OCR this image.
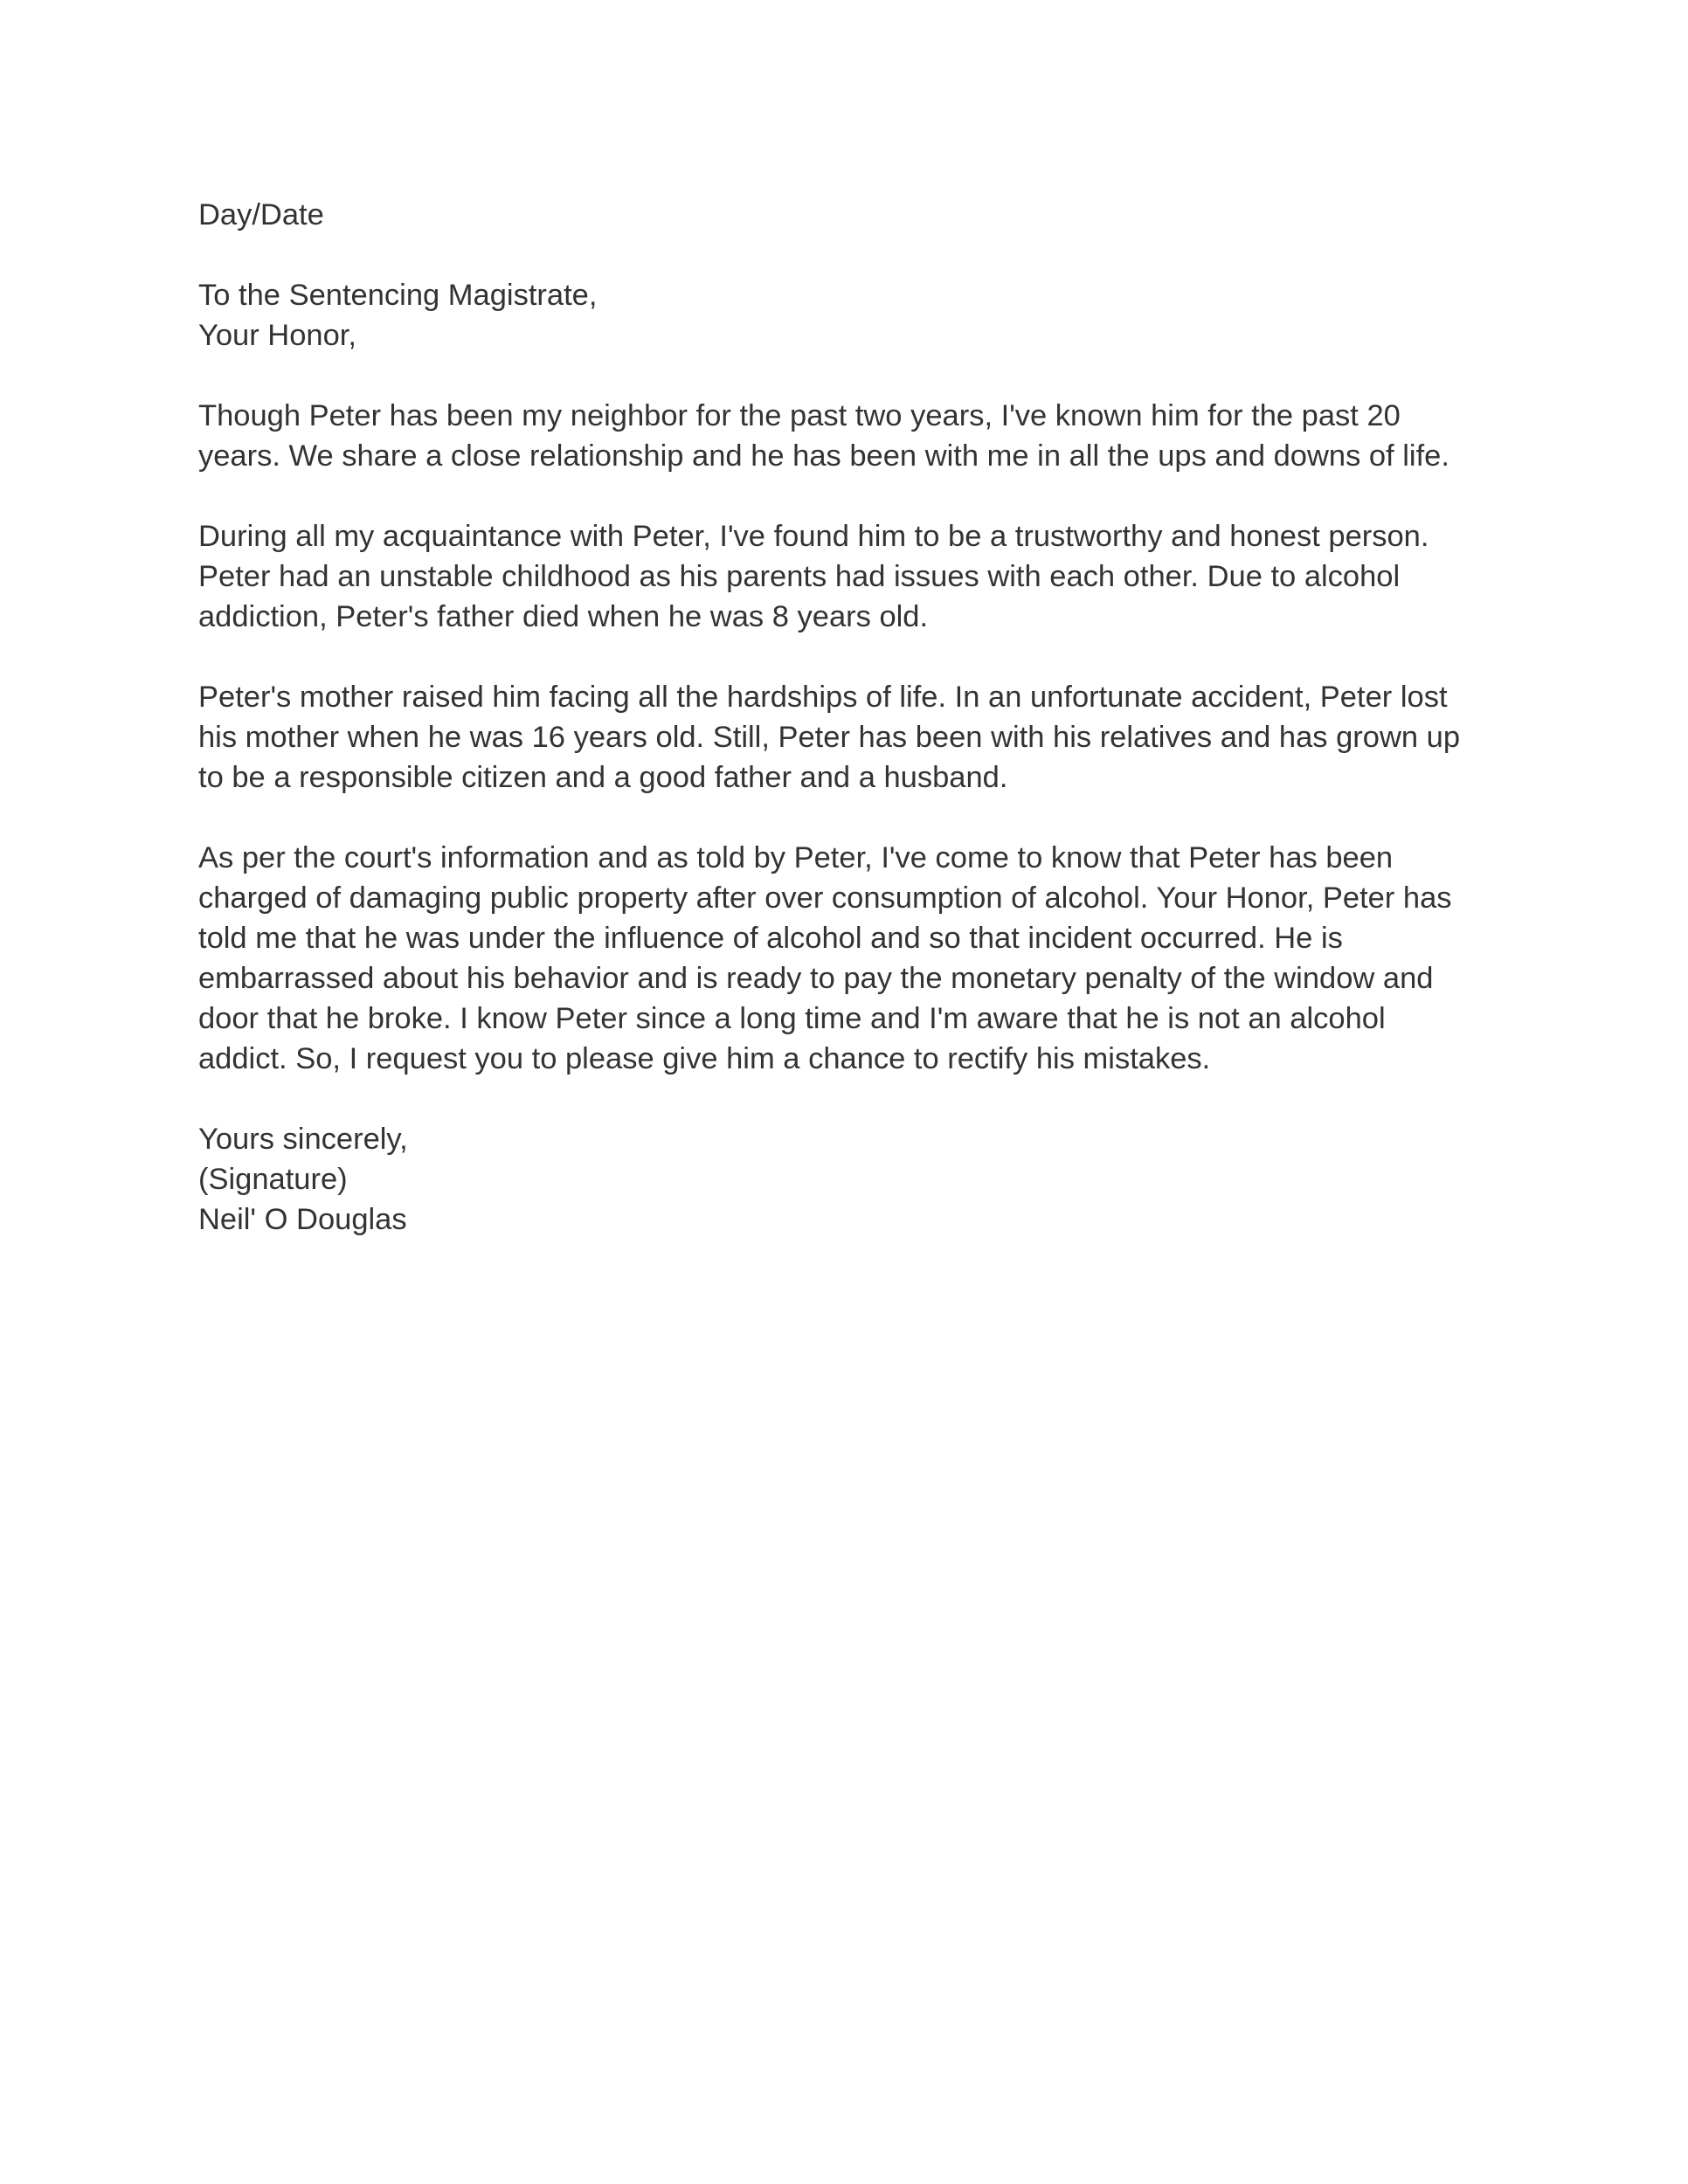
Day/Date
To the Sentencing Magistrate,
Your Honor,
Though Peter has been my neighbor for the past two years, I've known him for the past 20
years. We share a close relationship and he has been with me in all the ups and downs of life.
During all my acquaintance with Peter, I've found him to be a trustworthy and honest person.
Peter had an unstable childhood as his parents had issues with each other. Due to alcohol
addiction, Peter's father died when he was 8 years old.
Peter's mother raised him facing all the hardships of life. In an unfortunate accident, Peter lost
his mother when he was 16 years old. Still, Peter has been with his relatives and has grown up
to be a responsible citizen and a good father and a husband.
As per the court's information and as told by Peter, I've come to know that Peter has been
charged of damaging public property after over consumption of alcohol. Your Honor, Peter has
told me that he was under the influence of alcohol and so that incident occurred. He is
embarrassed about his behavior and is ready to pay the monetary penalty of the window and
door that he broke. I know Peter since a long time and I'm aware that he is not an alcohol
addict. So, I request you to please give him a chance to rectify his mistakes.
Yours sincerely,
(Signature)
Neil' O Douglas
